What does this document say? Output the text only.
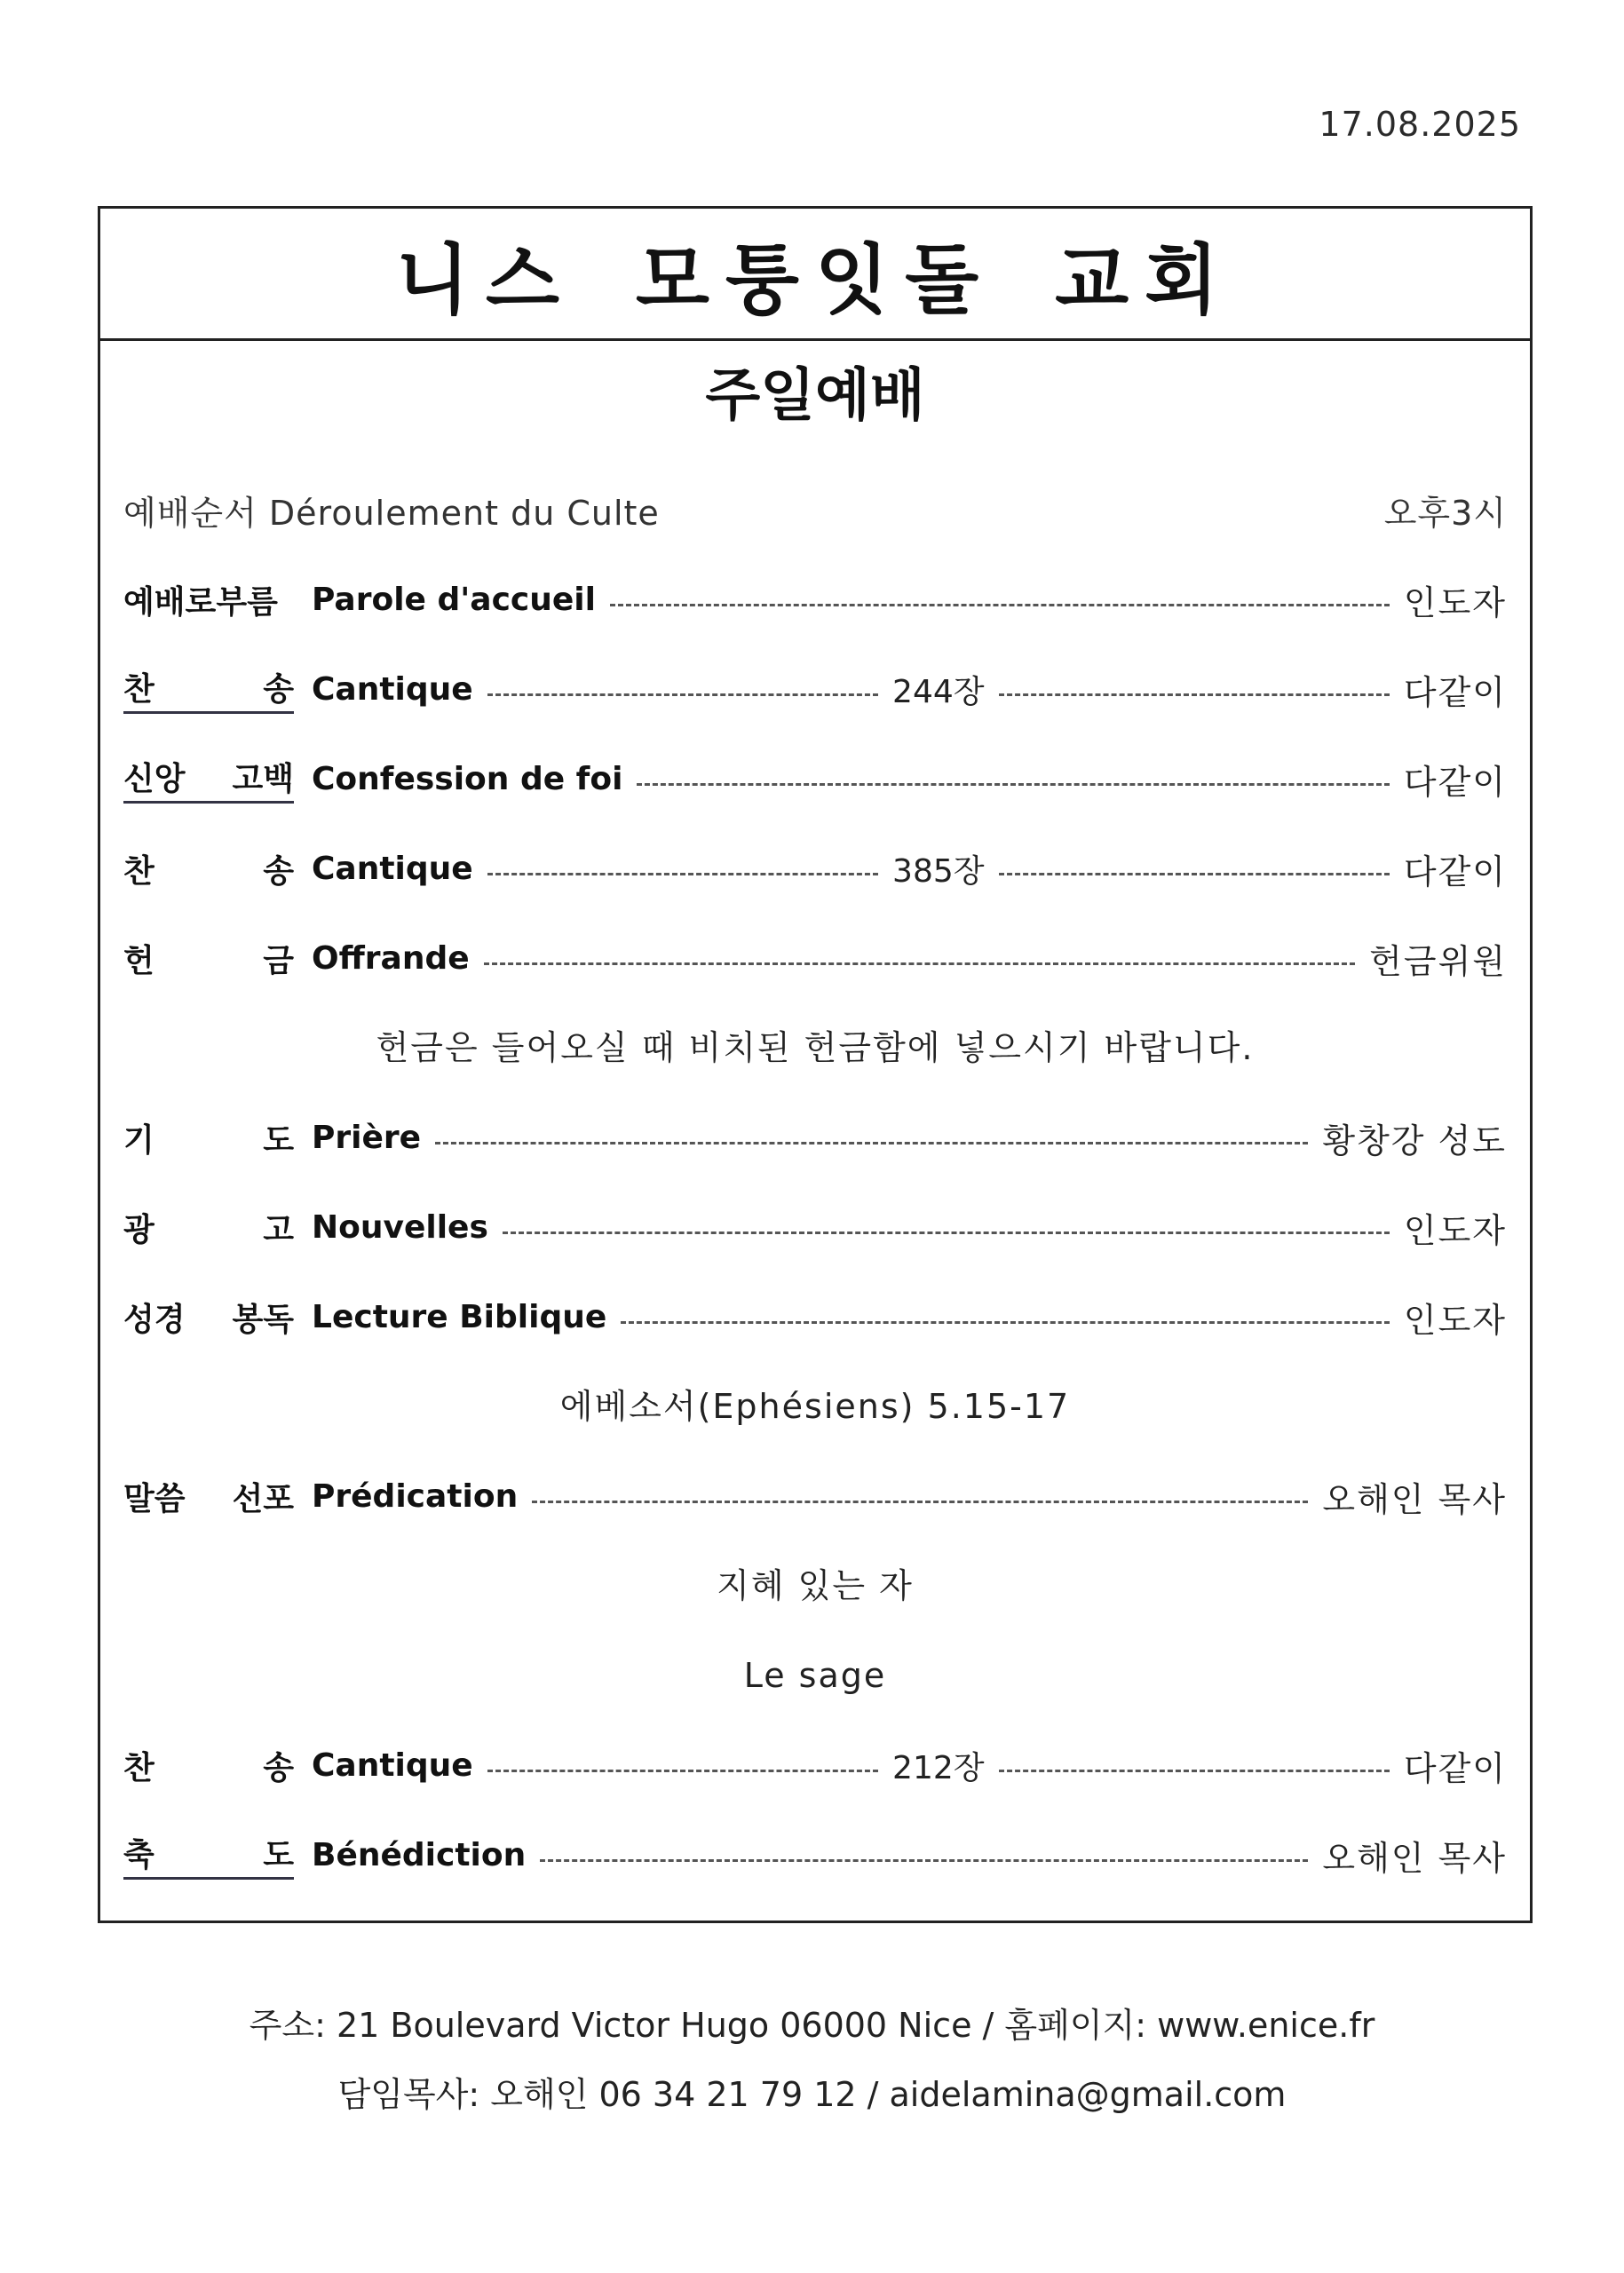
17.08.2025
니스 모퉁잇돌 교회
주일예배
예배순서 Déroulement du Culte	오후3시
예배로부름 Parole d'accueil	인도자
찬	송 Cantique	244장	다같이
신앙 고백 Confession de foi	다같이
찬	송 Cantique	385장	다같이
헌	금 Offrande	헌금위원
헌금은 들어오실 때 비치된 헌금함에 넣으시기 바랍니다.
기	도 Prière	황창강 성도
광	고 Nouvelles	인도자
성경 봉독 Lecture Biblique	인도자
에베소서(Ephésiens) 5.15-17
말씀 선포 Prédication	오해인 목사
지혜 있는 자
Le sage
찬	송 Cantique	212장	다같이
축	도 Bénédiction	오해인 목사
주소: 21 Boulevard Victor Hugo 06000 Nice / 홈페이지: www.enice.fr
담임목사: 오해인 06 34 21 79 12 / aidelamina@gmail.com
